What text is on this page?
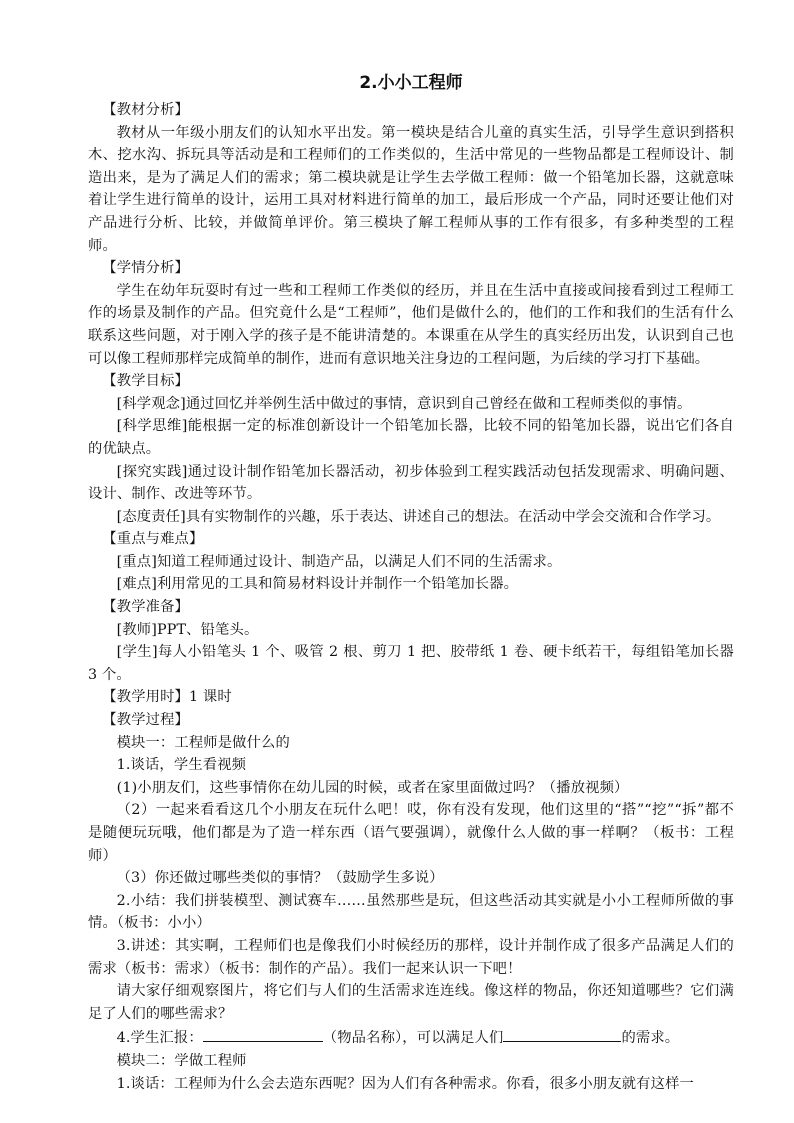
2.小小工程师

【教材分析】

教材从一年级小朋友们的认知水平出发。第一模块是结合儿童的真实生活，引导学生意识到搭积木、挖水沟、拆玩具等活动是和工程师们的工作类似的，生活中常见的一些物品都是工程师设计、制造出来，是为了满足人们的需求；第二模块就是让学生去学做工程师：做一个铅笔加长器，这就意味着让学生进行简单的设计，运用工具对材料进行简单的加工，最后形成一个产品，同时还要让他们对产品进行分析、比较，并做简单评价。第三模块了解工程师从事的工作有很多，有多种类型的工程师。

【学情分析】

学生在幼年玩耍时有过一些和工程师工作类似的经历，并且在生活中直接或间接看到过工程师工作的场景及制作的产品。但究竟什么是“工程师”，他们是做什么的，他们的工作和我们的生活有什么联系这些问题，对于刚入学的孩子是不能讲清楚的。本课重在从学生的真实经历出发，认识到自己也可以像工程师那样完成简单的制作，进而有意识地关注身边的工程问题，为后续的学习打下基础。

【教学目标】

[科学观念]通过回忆并举例生活中做过的事情，意识到自己曾经在做和工程师类似的事情。

[科学思维]能根据一定的标准创新设计一个铅笔加长器，比较不同的铅笔加长器，说出它们各自的优缺点。

[探究实践]通过设计制作铅笔加长器活动，初步体验到工程实践活动包括发现需求、明确问题、设计、制作、改进等环节。

[态度责任]具有实物制作的兴趣，乐于表达、讲述自己的想法。在活动中学会交流和合作学习。

【重点与难点】

[重点]知道工程师通过设计、制造产品，以满足人们不同的生活需求。

[难点]利用常见的工具和简易材料设计并制作一个铅笔加长器。

【教学准备】

[教师]PPT、铅笔头。

[学生]每人小铅笔头 1 个、吸管 2 根、剪刀 1 把、胶带纸 1 卷、硬卡纸若干，每组铅笔加长器 3 个。

【教学用时】1 课时

【教学过程】

模块一：工程师是做什么的

1.谈话，学生看视频

(1)小朋友们，这些事情你在幼儿园的时候，或者在家里面做过吗？（播放视频）

（2）一起来看看这几个小朋友在玩什么吧！哎，你有没有发现，他们这里的“搭”“挖”“拆”都不是随便玩玩哦，他们都是为了造一样东西（语气要强调），就像什么人做的事一样啊？（板书：工程师）

（3）你还做过哪些类似的事情？（鼓励学生多说）

2.小结：我们拼装模型、测试赛车……虽然那些是玩，但这些活动其实就是小小工程师所做的事情。（板书：小小）

3.讲述：其实啊，工程师们也是像我们小时候经历的那样，设计并制作成了很多产品满足人们的需求（板书：需求）（板书：制作的产品）。我们一起来认识一下吧！

请大家仔细观察图片，将它们与人们的生活需求连连线。像这样的物品，你还知道哪些？它们满足了人们的哪些需求？

4.学生汇报：	（物品名称），可以满足人们	的需求。

模块二：学做工程师

1.谈话：工程师为什么会去造东西呢？因为人们有各种需求。你看，很多小朋友就有这样一
